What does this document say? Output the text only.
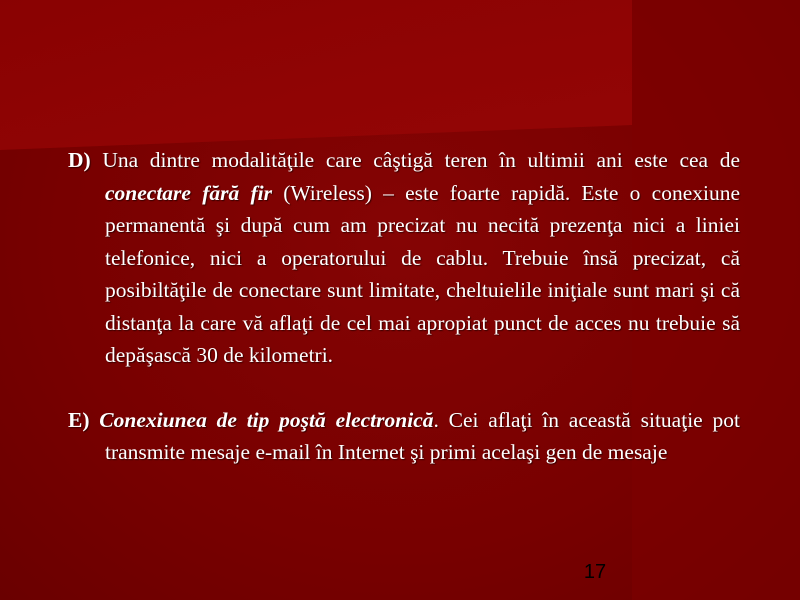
D) Una dintre modalităţile care câştigă teren în ultimii ani este cea de conectare fără fir (Wireless) – este foarte rapidă. Este o conexiune permanentă şi după cum am precizat nu necită prezenţa nici a liniei telefonice, nici a operatorului de cablu. Trebuie însă precizat, că posibiltăţile de conectare sunt limitate, cheltuielile iniţiale sunt mari şi că distanţa la care vă aflaţi de cel mai apropiat punct de acces nu trebuie să depăşască 30 de kilometri.

E) Conexiunea de tip poştă electronică. Cei aflaţi în această situaţie pot transmite mesaje e-mail în Internet şi primi acelaşi gen de mesaje

17
